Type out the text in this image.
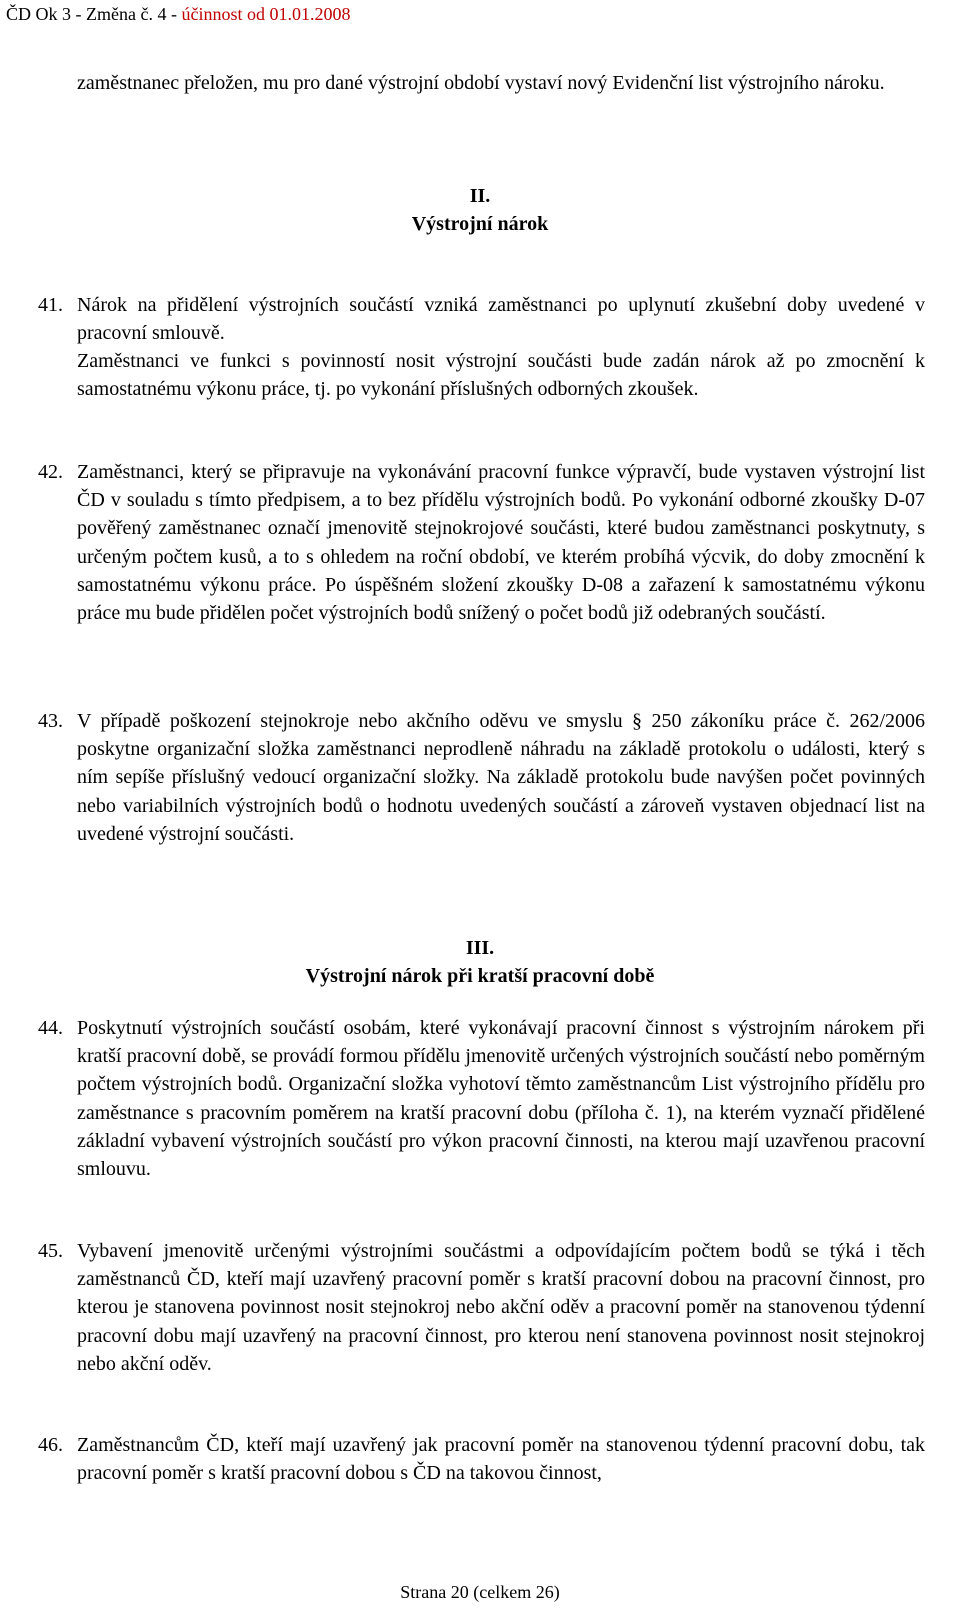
ČD Ok 3 - Změna č. 4 - účinnost od 01.01.2008

zaměstnanec přeložen, mu pro dané výstrojní období vystaví nový Evidenční list výstrojního nároku.

II.
Výstrojní nárok
41. Nárok na přidělení výstrojních součástí vzniká zaměstnanci po uplynutí zkušební doby uvedené v pracovní smlouvě.

Zaměstnanci ve funkci s povinností nosit výstrojní součásti bude zadán nárok až po zmocnění k samostatnému výkonu práce, tj. po vykonání příslušných odborných zkoušek.

42. Zaměstnanci, který se připravuje na vykonávání pracovní funkce výpravčí, bude vystaven výstrojní list ČD v souladu s tímto předpisem, a to bez přídělu výstrojních bodů. Po vykonání odborné zkoušky D-07 pověřený zaměstnanec označí jmenovitě stejnokrojové součásti, které budou zaměstnanci poskytnuty, s určeným počtem kusů, a to s ohledem na roční období, ve kterém probíhá výcvik, do doby zmocnění k samostatnému výkonu práce. Po úspěšném složení zkoušky D-08 a zařazení k samostatnému výkonu práce mu bude přidělen počet výstrojních bodů snížený o počet bodů již odebraných součástí.

43. V případě poškození stejnokroje nebo akčního oděvu ve smyslu § 250 zákoníku práce č. 262/2006 poskytne organizační složka zaměstnanci neprodleně náhradu na základě protokolu o události, který s ním sepíše příslušný vedoucí organizační složky. Na základě protokolu bude navýšen počet povinných nebo variabilních výstrojních bodů o hodnotu uvedených součástí a zároveň vystaven objednací list na uvedené výstrojní součásti.

III.
Výstrojní nárok při kratší pracovní době
44. Poskytnutí výstrojních součástí osobám, které vykonávají pracovní činnost s výstrojním nárokem při kratší pracovní době, se provádí formou přídělu jmenovitě určených výstrojních součástí nebo poměrným počtem výstrojních bodů. Organizační složka vyhotoví těmto zaměstnancům List výstrojního přídělu pro zaměstnance s pracovním poměrem na kratší pracovní dobu (příloha č. 1), na kterém vyznačí přidělené základní vybavení výstrojních součástí pro výkon pracovní činnosti, na kterou mají uzavřenou pracovní smlouvu.

45. Vybavení jmenovitě určenými výstrojními součástmi a odpovídajícím počtem bodů se týká i těch zaměstnanců ČD, kteří mají uzavřený pracovní poměr s kratší pracovní dobou na pracovní činnost, pro kterou je stanovena povinnost nosit stejnokroj nebo akční oděv a pracovní poměr na stanovenou týdenní pracovní dobu mají uzavřený na pracovní činnost, pro kterou není stanovena povinnost nosit stejnokroj nebo akční oděv.

46. Zaměstnancům ČD, kteří mají uzavřený jak pracovní poměr na stanovenou týdenní pracovní dobu, tak pracovní poměr s kratší pracovní dobou s ČD na takovou činnost,

Strana 20 (celkem 26)
